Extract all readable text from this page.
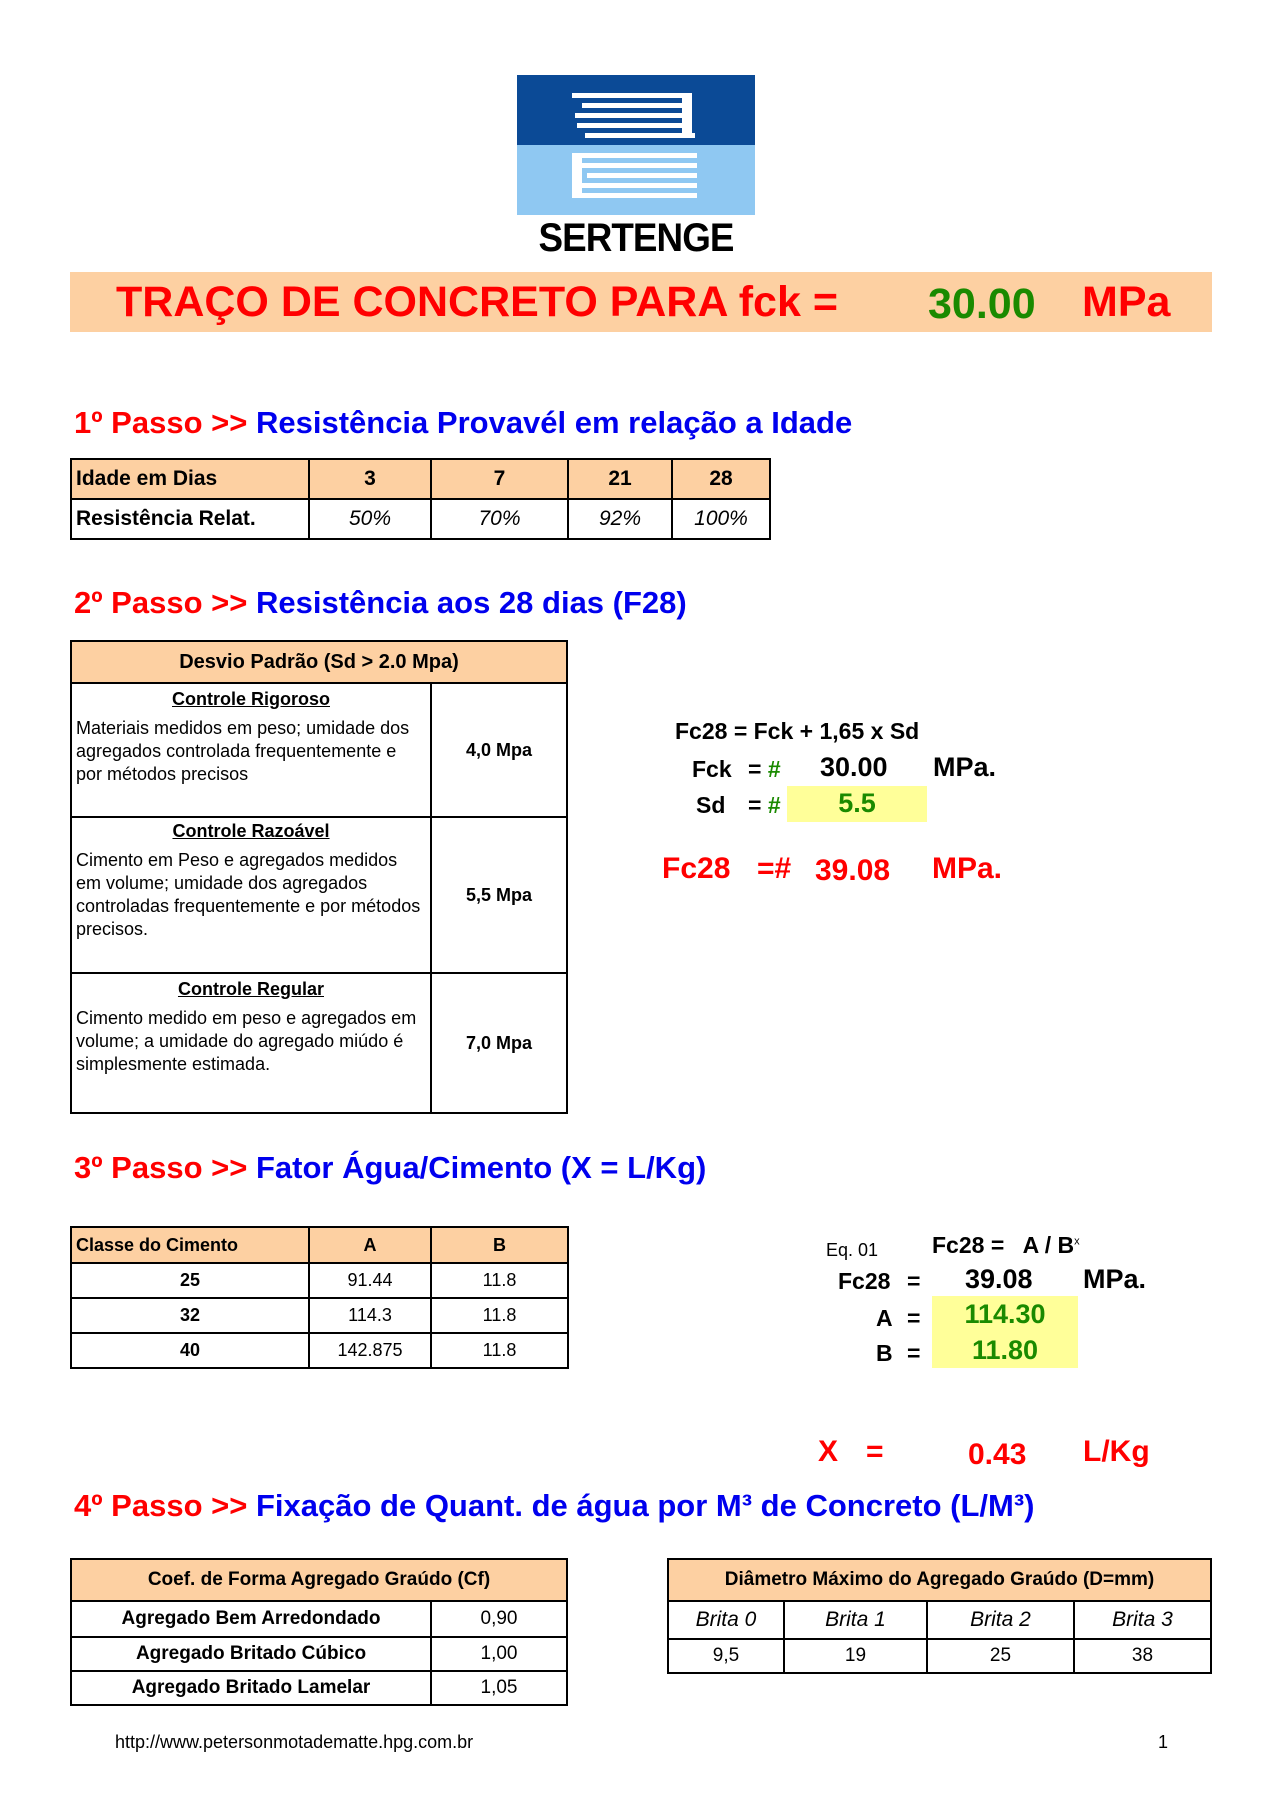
SERTENGE
TRAÇO DE CONCRETO PARA fck = 30.00 MPa
1º Passo >> Resistência Provavél em relação a Idade
Idade em Dias	3	7	21	28
Resistência Relat.	50%	70%	92%	100%
2º Passo >> Resistência aos 28 dias (F28)
Desvio Padrão (Sd > 2.0 Mpa)	

Controle Rigoroso
Materiais medidos em peso; umidade dos agregados controlada frequentemente e por métodos precisos	4,0 Mpa

Controle Razoável
Cimento em Peso e agregados medidos em volume; umidade dos agregados controladas frequentemente e por métodos precisos.	5,5 Mpa

Controle Regular
Cimento medido em peso e agregados em volume; a umidade do agregado miúdo é simplesmente estimada.	7,0 Mpa
Fc28 = Fck + 1,65 x Sd
Fck = # 30.00 MPa.
Sd = #	5.5
Fc28 =# 39.08 MPa.
3º Passo >> Fator Água/Cimento (X = L/Kg)
Classe do Cimento	A	B
25	91.44	11.8
32	114.3	11.8
40	142.875	11.8
Eq. 01 $Fc28 = A / B^x$
Fc28 = 39.08 MPa.
A =	114.30
B =	11.80
X =	0.43 L/Kg
4º Passo >> Fixação de Quant. de água por M³ de Concreto (L/M³)
Coef. de Forma Agregado Graúdo (Cf)	
Agregado Bem Arredondado	0,90
Agregado Britado Cúbico	1,00
Agregado Britado Lamelar	1,05
Diâmetro Máximo do Agregado Graúdo (D=mm)			
Brita 0	Brita 1	Brita 2	Brita 3
9,5	19	25	38
http://www.petersonmotadematte.hpg.com.br	1
